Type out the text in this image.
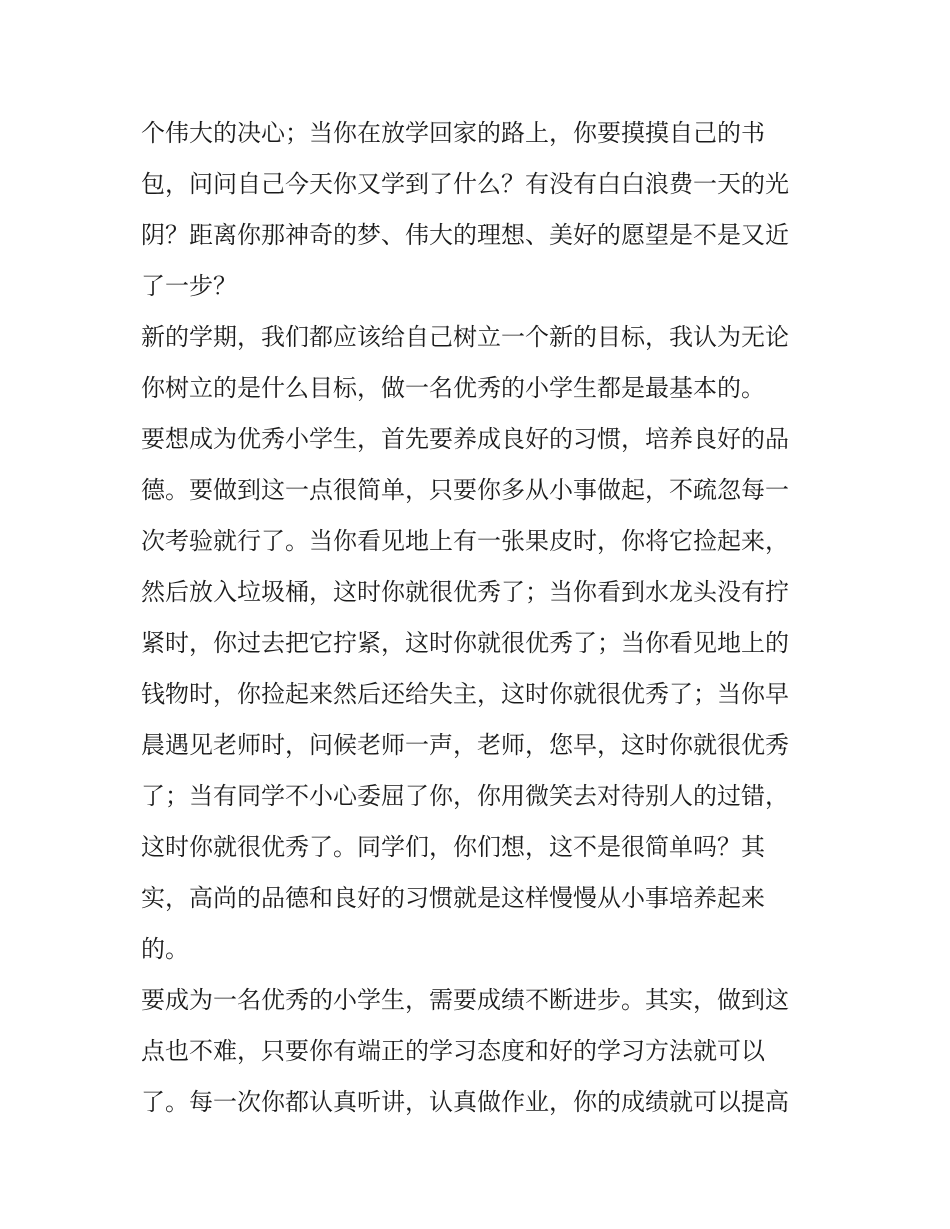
个伟大的决心；当你在放学回家的路上，你要摸摸自己的书
包，问问自己今天你又学到了什么？有没有白白浪费一天的光
阴？距离你那神奇的梦、伟大的理想、美好的愿望是不是又近
了一步？
新的学期，我们都应该给自己树立一个新的目标，我认为无论
你树立的是什么目标，做一名优秀的小学生都是最基本的。
要想成为优秀小学生，首先要养成良好的习惯，培养良好的品
德。要做到这一点很简单，只要你多从小事做起，不疏忽每一
次考验就行了。当你看见地上有一张果皮时，你将它捡起来，
然后放入垃圾桶，这时你就很优秀了；当你看到水龙头没有拧
紧时，你过去把它拧紧，这时你就很优秀了；当你看见地上的
钱物时，你捡起来然后还给失主，这时你就很优秀了；当你早
晨遇见老师时，问候老师一声，老师，您早，这时你就很优秀
了；当有同学不小心委屈了你，你用微笑去对待别人的过错，
这时你就很优秀了。同学们，你们想，这不是很简单吗？其
实，高尚的品德和良好的习惯就是这样慢慢从小事培养起来
的。
要成为一名优秀的小学生，需要成绩不断进步。其实，做到这
点也不难，只要你有端正的学习态度和好的学习方法就可以
了。每一次你都认真听讲，认真做作业，你的成绩就可以提高
